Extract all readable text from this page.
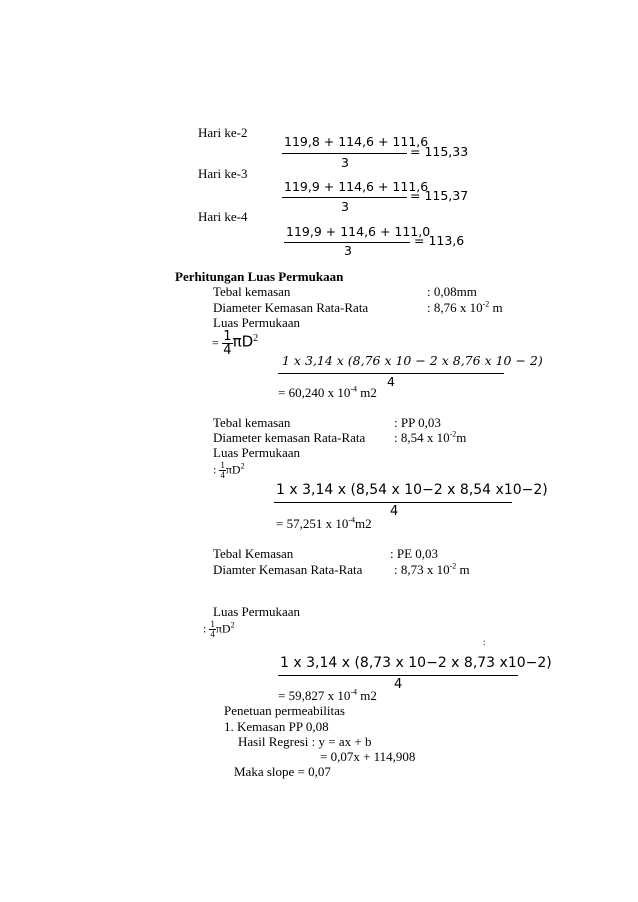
Hari ke-2
119,8 + 114,6 + 111,6
3
= 115,33
Hari ke-3
119,9 + 114,6 + 111,6
3
= 115,37
Hari ke-4
119,9 + 114,6 + 111,0
3
= 113,6
Perhitungan Luas Permukaan
Tebal kemasan	: 0,08mm
Diameter Kemasan Rata-Rata	: 8,76 x $10^{-2}$ m
Luas Permukaan
= $\frac{1}{4} \pi D^2$
1 x 3,14 x (8,76 x 10 − 2 x 8,76 x 10 − 2)
4
= 60,240 x $10^{-4}$ m2
Tebal kemasan	: PP 0,03
Diameter kemasan Rata-Rata : 8,54 x $10^{-2}m$
Luas Permukaan
: $\frac{1}{4} \pi D^2$
1 x 3,14 x (8,54 x 10−2 x 8,54 x10−2)
4
= 57,251 x $10^{-4}m2$
Tebal Kemasan	: PE 0,03
Diamter Kemasan Rata-Rata : 8,73 x $10^{-2}$ m
Luas Permukaan
: $\frac{1}{4} \pi D^2$
:
1 x 3,14 x (8,73 x 10−2 x 8,73 x10−2)
4
= 59,827 x $10^{-4}$ m2
Penetuan permeabilitas
1. Kemasan PP 0,08
Hasil Regresi : y = ax + b
= 0,07x + 114,908
Maka slope = 0,07
